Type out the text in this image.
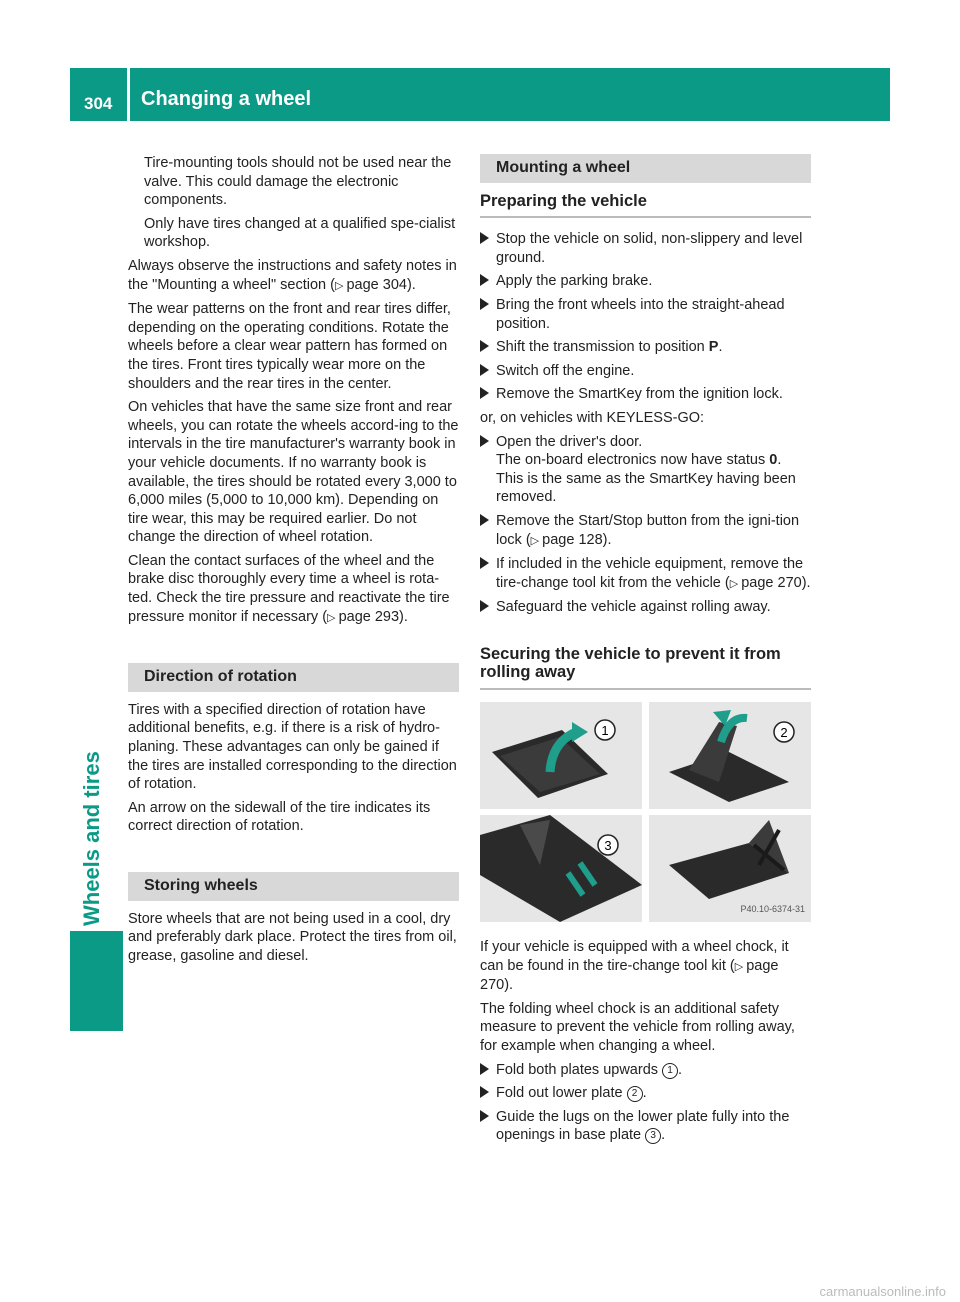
304 Changing a wheel
Wheels and tires

Tire-mounting tools should not be used near the valve. This could damage the electronic components.

Only have tires changed at a qualified spe-cialist workshop.

Always observe the instructions and safety notes in the "Mounting a wheel" section (▷ page 304).

The wear patterns on the front and rear tires differ, depending on the operating conditions. Rotate the wheels before a clear wear pattern has formed on the tires. Front tires typically wear more on the shoulders and the rear tires in the center.

On vehicles that have the same size front and rear wheels, you can rotate the wheels accord-ing to the intervals in the tire manufacturer's warranty book in your vehicle documents. If no warranty book is available, the tires should be rotated every 3,000 to 6,000 miles (5,000 to 10,000 km). Depending on tire wear, this may be required earlier. Do not change the direction of wheel rotation.

Clean the contact surfaces of the wheel and the brake disc thoroughly every time a wheel is rota-ted. Check the tire pressure and reactivate the tire pressure monitor if necessary (▷ page 293).

Direction of rotation

Tires with a specified direction of rotation have additional benefits, e.g. if there is a risk of hydro-planing. These advantages can only be gained if the tires are installed corresponding to the direction of rotation.

An arrow on the sidewall of the tire indicates its correct direction of rotation.

Storing wheels

Store wheels that are not being used in a cool, dry and preferably dark place. Protect the tires from oil, grease, gasoline and diesel.

Mounting a wheel
Preparing the vehicle
Stop the vehicle on solid, non-slippery and level ground.
Apply the parking brake.
Bring the front wheels into the straight-ahead position.
Shift the transmission to position P.
Switch off the engine.
Remove the SmartKey from the ignition lock.

or, on vehicles with KEYLESS-GO:

Open the driver's door.
The on-board electronics now have status 0.
This is the same as the SmartKey having been removed.
Remove the Start/Stop button from the igni-tion lock (▷ page 128).
If included in the vehicle equipment, remove the tire-change tool kit from the vehicle (▷ page 270).
Safeguard the vehicle against rolling away.
Securing the vehicle to prevent it from rolling away
1	2
3
P40.10-6374-31

If your vehicle is equipped with a wheel chock, it can be found in the tire-change tool kit (▷ page 270).

The folding wheel chock is an additional safety measure to prevent the vehicle from rolling away, for example when changing a wheel.

Fold both plates upwards 1 .
Fold out lower plate 2 .
Guide the lugs on the lower plate fully into the openings in base plate 3 .
carmanualsonline.info
